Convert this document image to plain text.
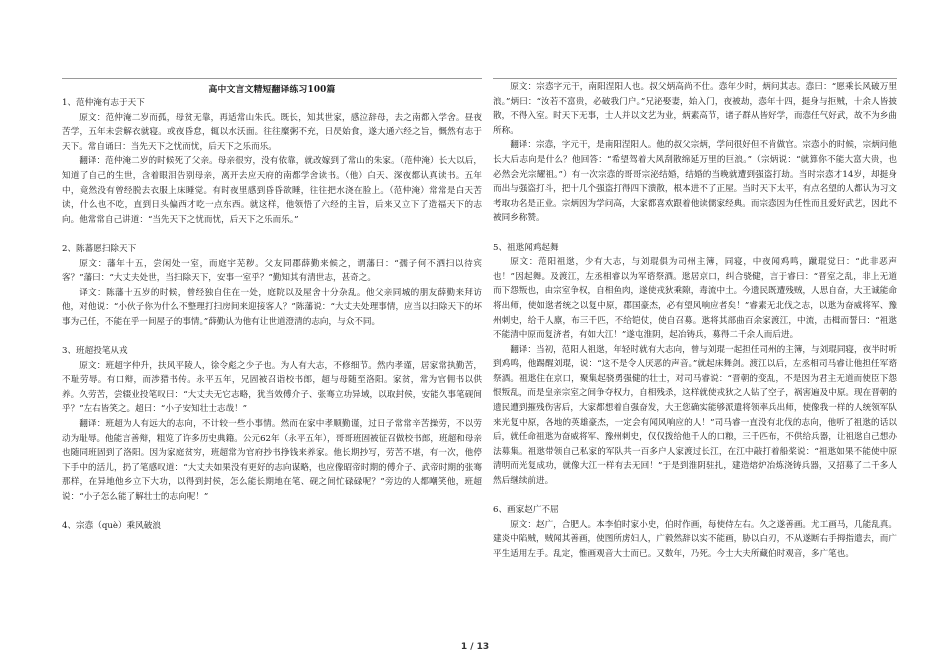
高中文言文精短翻译练习100篇
1、范仲淹有志于天下

原文：范仲淹二岁而孤，母贫无靠，再适常山朱氏。既长，知其世家，感泣辞母，去之南都入学舍。昼夜苦学，五年未尝解衣就寝。或夜昏怠，辄以水沃面。往往糜粥不充，日昃始食，遂大通六经之旨，慨然有志于天下。常自诵曰：当先天下之忧而忧，后天下之乐而乐。

翻译：范仲淹二岁的时候死了父亲。母亲很穷，没有依靠，就改嫁到了常山的朱家。（范仲淹）长大以后，知道了自己的生世，含着眼泪告别母亲，离开去应天府的南都学舍读书。（他）白天、深夜都认真读书。五年中，竟然没有曾经脱去衣服上床睡觉。有时夜里感到昏昏欲睡，往往把水浇在脸上。（范仲淹）常常是白天苦读，什么也不吃，直到日头偏西才吃一点东西。就这样，他领悟了六经的主旨，后来又立下了造福天下的志向。他常常自己讲道：“当先天下之忧而忧，后天下之乐而乐。”

2、陈蕃愿扫除天下

原文：藩年十五，尝闲处一室，而庭宇芜秽。父友同郡薛勤来候之，谓藩曰：“孺子何不洒扫以待宾客？”藩曰：“大丈夫处世，当扫除天下，安事一室乎？”勤知其有清世志，甚奇之。

译文：陈藩十五岁的时候，曾经独自住在一处，庭院以及屋舍十分杂乱。他父亲同城的朋友薛勤来拜访他，对他说：“小伙子你为什么不整理打扫房间来迎接客人？”陈藩说：“大丈夫处理事情，应当以扫除天下的坏事为己任，不能在乎一间屋子的事情。”薛勤认为他有让世道澄清的志向，与众不同。

3、班超投笔从戎

原文：班超字仲升，扶风平陵人，徐令彪之少子也。为人有大志，不修细节。然内孝谨，居家常执勤苦，不耻劳辱。有口辩，而涉猎书传。永平五年，兄固被召诣校书郎，超与母随至洛阳。家贫，常为官佣书以供养。久劳苦，尝辍业投笔叹曰：“大丈夫无它志略，犹当效傅介子、张骞立功异域，以取封侯，安能久事笔砚间乎？”左右皆笑之。超曰：“小子安知壮士志哉！”

翻译：班超为人有远大的志向，不计较一些小事情。然而在家中孝顺勤谨，过日子常常辛苦操劳，不以劳动为耻辱。他能言善辩，粗览了许多历史典籍。公元62年（永平五年），哥哥班固被征召做校书郎，班超和母亲也随同班固到了洛阳。因为家庭贫穷，班超常为官府抄书挣钱来养家。他长期抄写，劳苦不堪，有一次，他停下手中的活儿，扔了笔感叹道：“大丈夫如果没有更好的志向谋略，也应像昭帝时期的傅介子、武帝时期的张骞那样，在异地他乡立下大功，以得到封侯，怎么能长期地在笔、砚之间忙碌碌呢？”旁边的人都嘲笑他，班超说：“小子怎么能了解壮士的志向呢！”

4、宗悫（què）乘风破浪

原文：宗悫字元干，南阳涅阳人也。叔父炳高尚不仕。悫年少时，炳问其志。悫曰：“愿乘长风破万里浪。”炳曰：“汝若不富贵，必破我门户。”兄泌娶妻，始入门，夜被劫，悫年十四，挺身与拒贼，十余人皆披散，不得入室。时天下无事，士人并以文艺为业，炳素高节，诸子群从皆好学，而悫任气好武，故不为乡曲所称。

翻译：宗悫，字元干，是南阳涅阳人。他的叔父宗炳，学问很好但不肯做官。宗悫小的时候，宗炳问他长大后志向是什么？他回答：“希望驾着大风刮散绵延万里的巨浪。”（宗炳说：“就算你不能大富大贵，也必然会光宗耀祖。”）有一次宗悫的哥哥宗泌结婚，结婚的当晚就遭到强盗打劫。当时宗悫才14岁，却挺身而出与强盗打斗，把十几个强盗打得四下溃散，根本进不了正屋。当时天下太平，有点名望的人都认为习文考取功名是正业。宗炳因为学问高，大家都喜欢跟着他读儒家经典。而宗悫因为任性而且爱好武艺，因此不被同乡称赞。

5、祖逖闻鸡起舞

原文：范阳祖逖，少有大志，与刘琨俱为司州主簿，同寝，中夜闻鸡鸣，蹴琨觉曰：“此非恶声也！”因起舞。及渡江，左丞相睿以为军谘祭酒。逖居京口，纠合骁健，言于睿曰：“晋室之乱，非上无道而下怨叛也，由宗室争权，自相鱼肉，遂使戎狄乘隙，毒流中土。今遗民既遭残贼，人思自奋，大王诚能命将出师，使如逖者统之以复中原，郡国豪杰，必有望风响应者矣！”睿素无北伐之志，以逖为奋威将军、豫州刺史，给千人廪，布三千匹，不给铠仗，使自召募。逖将其部曲百余家渡江，中流，击楫而誓曰：“祖逖不能清中原而复济者，有如大江！”遂屯淮阴，起冶铸兵，募得二千余人而后进。

翻译：当初，范阳人祖逖，年轻时就有大志向，曾与刘琨一起担任司州的主簿，与刘琨同寝，夜半时听到鸡鸣，他踢醒刘琨，说：“这不是令人厌恶的声音。”就起床舞剑。渡江以后，左丞相司马睿让他担任军谘祭酒。祖逖住在京口，聚集起骁勇强健的壮士，对司马睿说：“晋朝的变乱，不是因为君主无道而使臣下怨恨叛乱，而是皇亲宗室之间争夺权力，自相残杀，这样就使戎狄之人钻了空子，祸害遍及中原。现在晋朝的遗民遭到摧残伤害后，大家都想着自强奋发，大王您确实能够派遣将领率兵出师，使像我一样的人统领军队来光复中原，各地的英雄豪杰，一定会有闻风响应的人！”司马睿一直没有北伐的志向，他听了祖逖的话以后，就任命祖逖为奋威将军、豫州刺史，仅仅拨给他千人的口粮，三千匹布，不供给兵器，让祖逖自己想办法募集。祖逖带领自己私家的军队共一百多户人家渡过长江，在江中敲打着船桨说：“祖逖如果不能使中原清明而光复成功，就像大江一样有去无回！”于是到淮阴驻扎，建造熔炉冶炼浇铸兵器，又招募了二千多人然后继续前进。

6、画家赵广不屈

原文：赵广，合肥人。本李伯时家小史，伯时作画，每使侍左右。久之遂善画。尤工画马，几能乱真。建炎中陷贼，贼闻其善画，使图所虏妇人，广毅然辞以实不能画，胁以白刃，不从遂断右手拇指遣去，而广平生适用左手。乱定，惟画观音大士而已。又数年，乃死。今士大夫所藏伯时观音，多广笔也。

1 / 13
